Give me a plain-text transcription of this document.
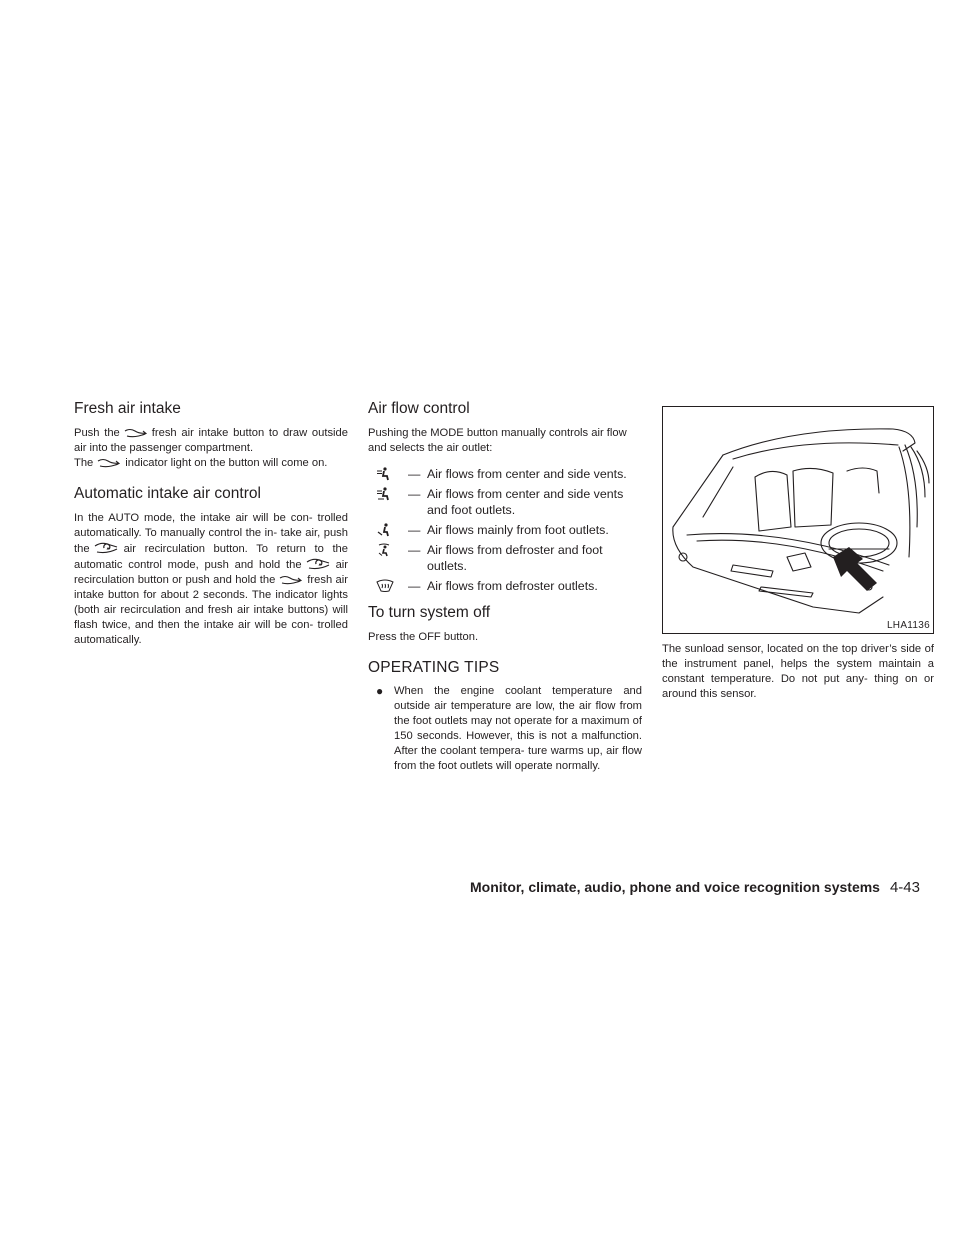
Fresh air intake

Push the	fresh air intake button to draw outside air into the passenger compartment.
The	indicator light on the button will come on.

Automatic intake air control

In the AUTO mode, the intake air will be con- trolled automatically. To manually control the in- take air, push the	air recirculation button. To return to the automatic control mode, push and hold the	air recirculation button or push and hold the	fresh air intake button for about 2 seconds. The indicator lights (both air recirculation and fresh air intake buttons) will flash twice, and then the intake air will be con- trolled automatically.

Air flow control

Pushing the MODE button manually controls air flow and selects the air outlet:

— Air flows from center and side vents.
— Air flows from center and side vents and foot outlets.
— Air flows mainly from foot outlets.
— Air flows from defroster and foot outlets.
— Air flows from defroster outlets.
To turn system off

Press the OFF button.

OPERATING TIPS
● When the engine coolant temperature and outside air temperature are low, the air flow from the foot outlets may not operate for a maximum of 150 seconds. However, this is not a malfunction. After the coolant tempera- ture warms up, air flow from the foot outlets will operate normally.
LHA1136

The sunload sensor, located on the top driver’s side of the instrument panel, helps the system maintain a constant temperature. Do not put any- thing on or around this sensor.

Monitor, climate, audio, phone and voice recognition systems 4-43
